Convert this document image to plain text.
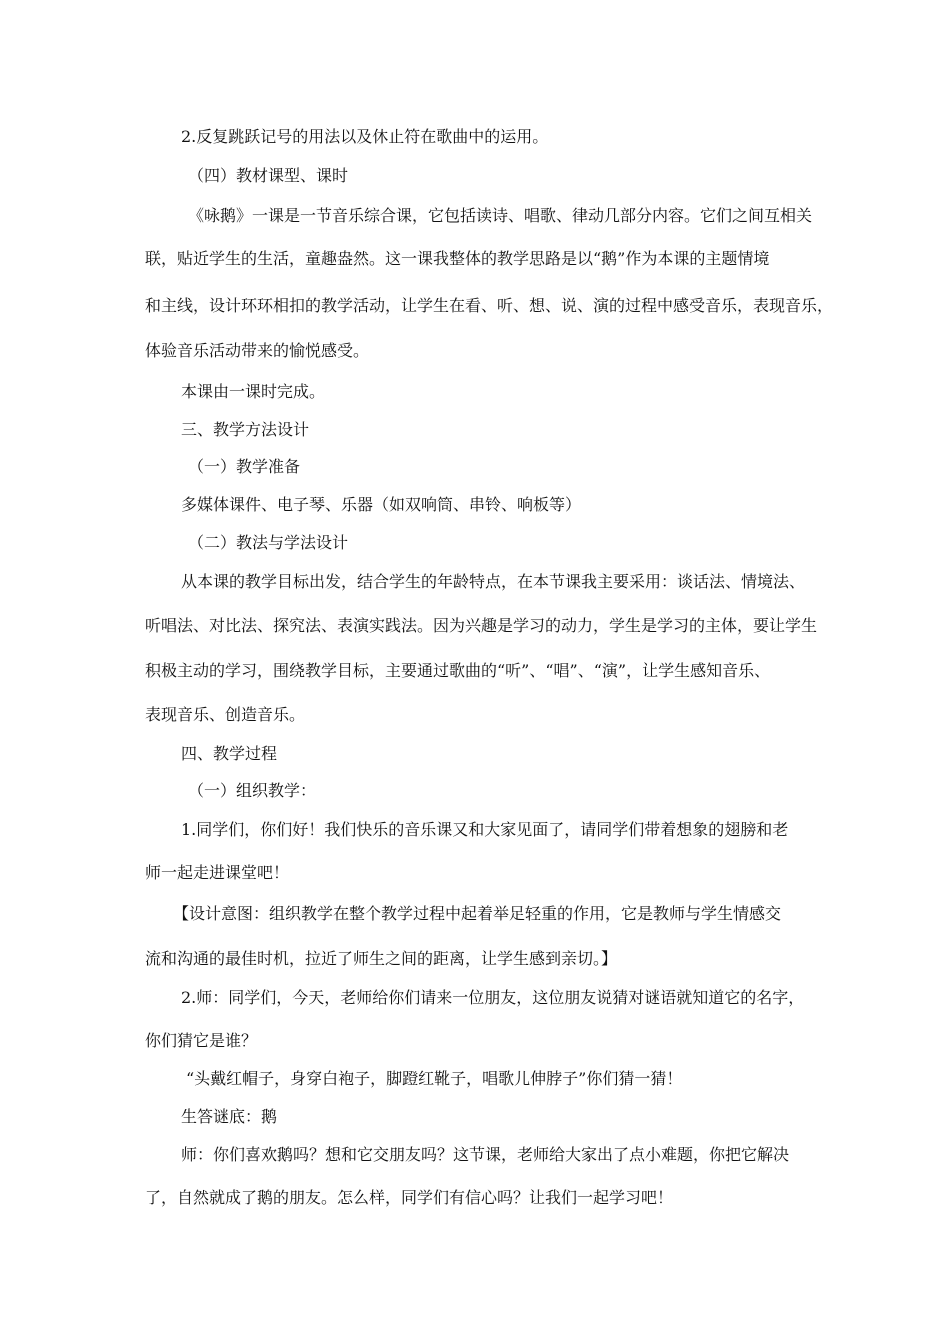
2.反复跳跃记号的用法以及休止符在歌曲中的运用。
（四）教材课型、课时
《咏鹅》一课是一节音乐综合课，它包括读诗、唱歌、律动几部分内容。它们之间互相关
联，贴近学生的生活，童趣盎然。这一课我整体的教学思路是以“鹅”作为本课的主题情境
和主线，设计环环相扣的教学活动，让学生在看、听、想、说、演的过程中感受音乐，表现音乐，
体验音乐活动带来的愉悦感受。
本课由一课时完成。
三、教学方法设计
（一）教学准备
多媒体课件、电子琴、乐器（如双响筒、串铃、响板等）
（二）教法与学法设计
从本课的教学目标出发，结合学生的年龄特点，在本节课我主要采用：谈话法、情境法、
听唱法、对比法、探究法、表演实践法。因为兴趣是学习的动力，学生是学习的主体，要让学生
积极主动的学习，围绕教学目标，主要通过歌曲的“听”、“唱”、“演”，让学生感知音乐、
表现音乐、创造音乐。
四、教学过程
（一）组织教学：
1.同学们，你们好！我们快乐的音乐课又和大家见面了，请同学们带着想象的翅膀和老
师一起走进课堂吧！
【设计意图：组织教学在整个教学过程中起着举足轻重的作用，它是教师与学生情感交
流和沟通的最佳时机，拉近了师生之间的距离，让学生感到亲切。】
2.师：同学们，今天，老师给你们请来一位朋友，这位朋友说猜对谜语就知道它的名字，
你们猜它是谁？
“头戴红帽子，身穿白袍子，脚蹬红靴子，唱歌儿伸脖子”你们猜一猜！
生答谜底：鹅
师：你们喜欢鹅吗？想和它交朋友吗？这节课，老师给大家出了点小难题，你把它解决
了，自然就成了鹅的朋友。怎么样，同学们有信心吗？让我们一起学习吧！
